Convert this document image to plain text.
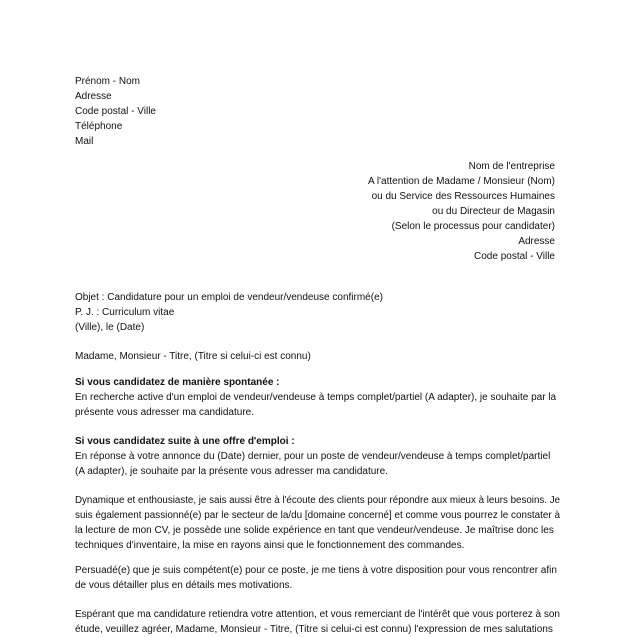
Prénom - Nom
Adresse
Code postal - Ville
Téléphone
Mail
Nom de l'entreprise
A l'attention de Madame / Monsieur (Nom)
ou du Service des Ressources Humaines
ou du Directeur de Magasin
(Selon le processus pour candidater)
Adresse
Code postal - Ville
Objet : Candidature pour un emploi de vendeur/vendeuse confirmé(e)
P. J. : Curriculum vitae
(Ville), le (Date)
Madame, Monsieur - Titre, (Titre si celui-ci est connu)
Si vous candidatez de manière spontanée :
En recherche active d'un emploi de vendeur/vendeuse à temps complet/partiel (A adapter), je souhaite par la
présente vous adresser ma candidature.
Si vous candidatez suite à une offre d'emploi :
En réponse à votre annonce du (Date) dernier, pour un poste de vendeur/vendeuse à temps complet/partiel
(A adapter), je souhaite par la présente vous adresser ma candidature.
Dynamique et enthousiaste, je sais aussi être à l'écoute des clients pour répondre aux mieux à leurs besoins. Je
suis également passionné(e) par le secteur de la/du [domaine concerné] et comme vous pourrez le constater à
la lecture de mon CV, je possède une solide expérience en tant que vendeur/vendeuse. Je maîtrise donc les
techniques d'inventaire, la mise en rayons ainsi que le fonctionnement des commandes.
Persuadé(e) que je suis compétent(e) pour ce poste, je me tiens à votre disposition pour vous rencontrer afin
de vous détailler plus en détails mes motivations.
Espérant que ma candidature retiendra votre attention, et vous remerciant de l'intérêt que vous porterez à son
étude, veuillez agréer, Madame, Monsieur - Titre, (Titre si celui-ci est connu) l'expression de mes salutations
